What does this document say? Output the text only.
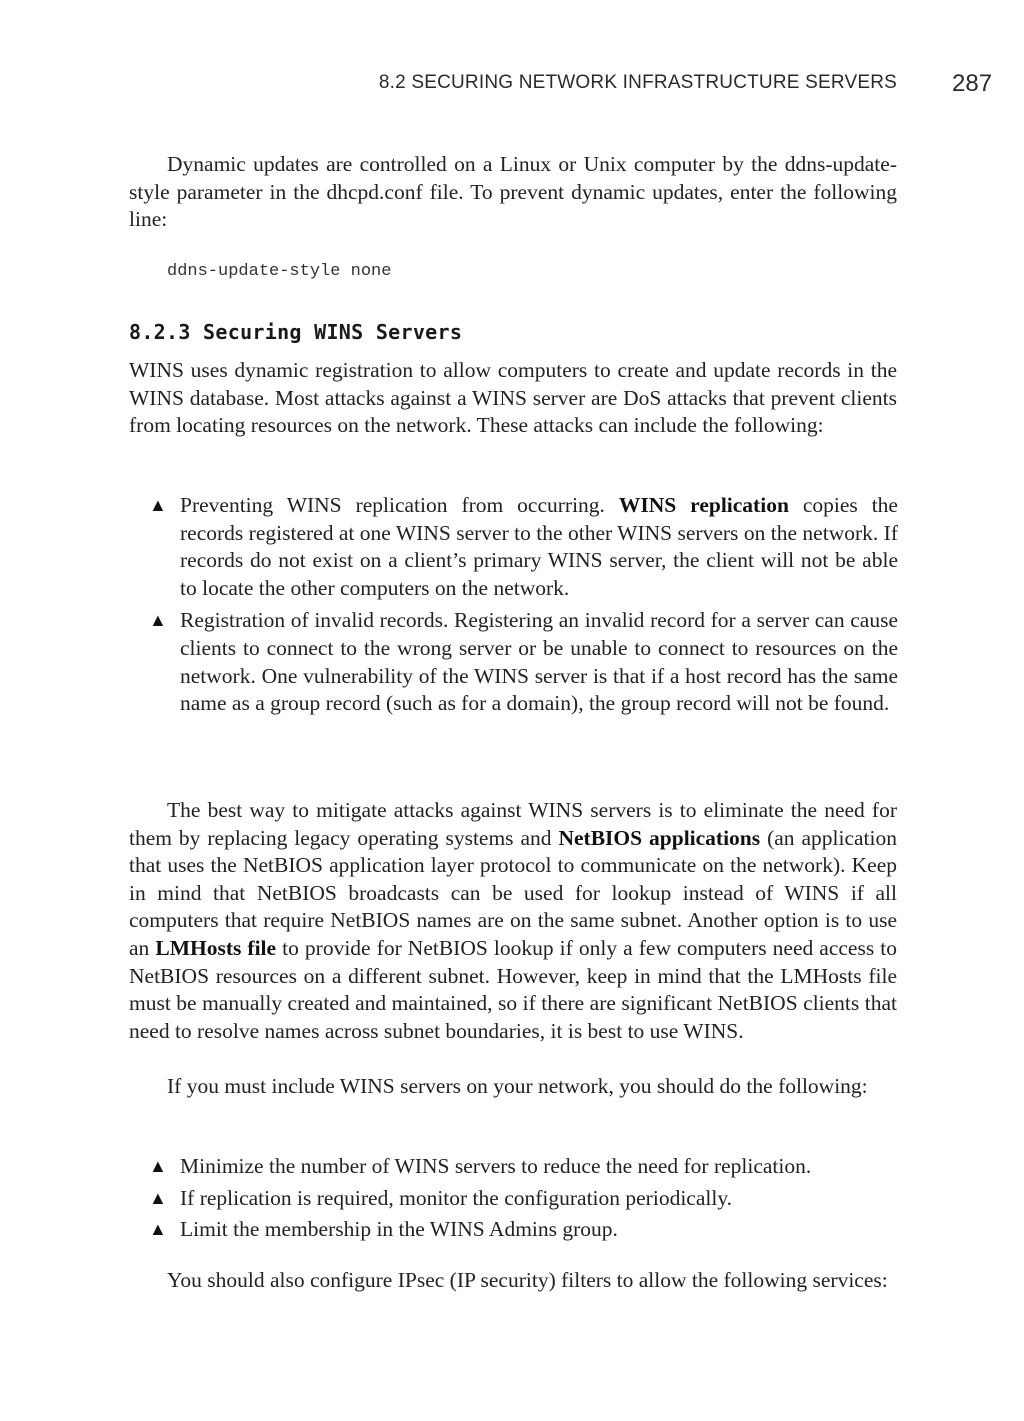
8.2 SECURING NETWORK INFRASTRUCTURE SERVERS 287

Dynamic updates are controlled on a Linux or Unix computer by the ddns-update-style parameter in the dhcpd.conf file. To prevent dynamic updates, enter the following line:

ddns-update-style none
8.2.3 Securing WINS Servers

WINS uses dynamic registration to allow computers to create and update records in the WINS database. Most attacks against a WINS server are DoS attacks that prevent clients from locating resources on the network. These attacks can include the following:

▲ Preventing WINS replication from occurring. WINS replication copies the records registered at one WINS server to the other WINS servers on the network. If records do not exist on a client’s primary WINS server, the client will not be able to locate the other computers on the network.
▲ Registration of invalid records. Registering an invalid record for a server can cause clients to connect to the wrong server or be unable to connect to resources on the network. One vulnerability of the WINS server is that if a host record has the same name as a group record (such as for a domain), the group record will not be found.

The best way to mitigate attacks against WINS servers is to eliminate the need for them by replacing legacy operating systems and NetBIOS applications (an application that uses the NetBIOS application layer protocol to communicate on the network). Keep in mind that NetBIOS broadcasts can be used for lookup instead of WINS if all computers that require NetBIOS names are on the same subnet. Another option is to use an LMHosts file to provide for NetBIOS lookup if only a few computers need access to NetBIOS resources on a different subnet. However, keep in mind that the LMHosts file must be manually created and maintained, so if there are significant NetBIOS clients that need to resolve names across subnet boundaries, it is best to use WINS.

If you must include WINS servers on your network, you should do the following:

▲ Minimize the number of WINS servers to reduce the need for replication.
▲ If replication is required, monitor the configuration periodically.
▲ Limit the membership in the WINS Admins group.

You should also configure IPsec (IP security) filters to allow the following services:
